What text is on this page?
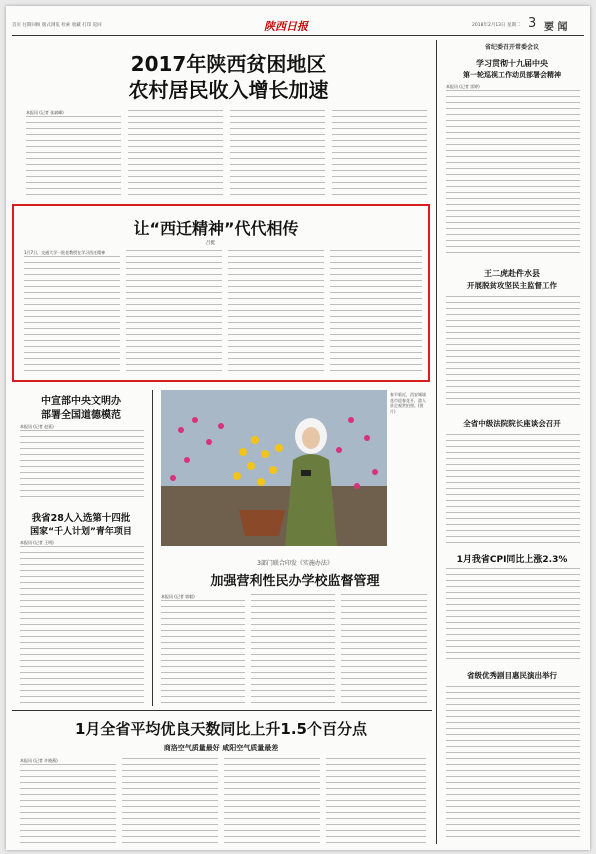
首页 往期回顾 版式浏览 检索 收藏 打印 返回	陕西日报	2018年2月13日 星期二 3 要 闻
2017年陕西贫困地区
农村居民收入增长加速
本报讯 (记者 张斌峰)
让“西迁精神”代代相传
吕挺
1月7日，交通大学一批老教授在学习西迁精神
中宣部中央文明办
部署全国道德模范
本报讯 (记者 赵延)
我省28人入选第十四批
国家“千人计划”青年项目
本报讯 (记者 王明)
春节临近，西安城墙花市迎春花开，游人驻足观赏拍照。(图片)
3部门联合印发《实施办法》
加强营利性民办学校监督管理
本报讯 (记者 郭毅)
1月全省平均优良天数同比上升1.5个百分点
商洛空气质量最好 咸阳空气质量最差
本报讯 (记者 许晓燕)
省纪委召开常委会议
学习贯彻十九届中央
第一轮巡视工作动员部署会精神
本报讯 (记者 雷婷)
王二虎赴件水县
开展脱贫攻坚民主监督工作
全省中级法院院长座谈会召开
1月我省CPI同比上涨2.3%
省级优秀剧目惠民演出举行
